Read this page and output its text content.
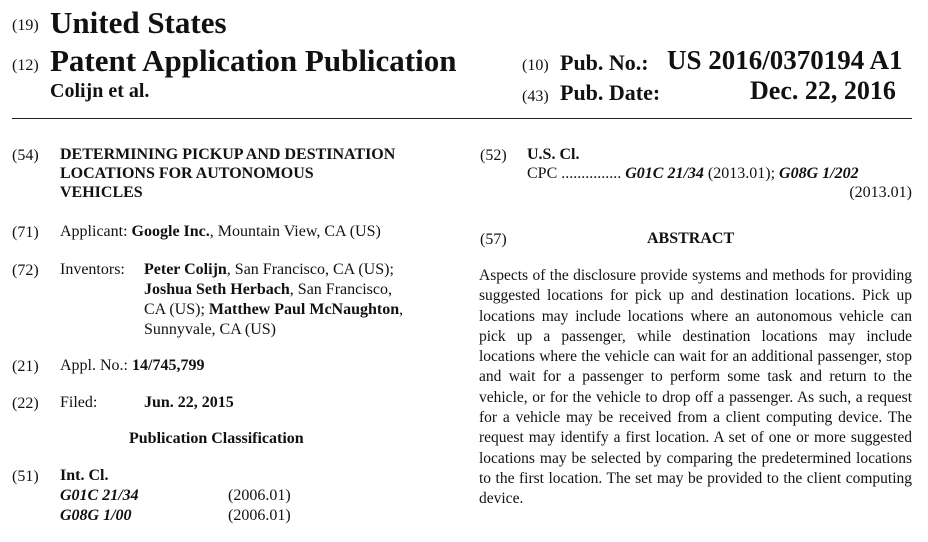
(19) United States
(12) Patent Application Publication
Colijn et al.
(10) Pub. No.: US 2016/0370194 A1
(43) Pub. Date:	Dec. 22, 2016
(54) DETERMINING PICKUP AND DESTINATION
LOCATIONS FOR AUTONOMOUS
VEHICLES
(71) Applicant: Google Inc., Mountain View, CA (US)
(72) Inventors: Peter Colijn, San Francisco, CA (US);
Joshua Seth Herbach, San Francisco,
CA (US); Matthew Paul McNaughton,
Sunnyvale, CA (US)
(21) Appl. No.: 14/745,799
(22) Filed:	Jun. 22, 2015
Publication Classification
(51) Int. Cl.
G01C 21/34	(2006.01)
G08G 1/00	(2006.01)
(52) U.S. Cl.
CPC ............... G01C 21/34 (2013.01); G08G 1/202
(2013.01)
(57)	ABSTRACT
Aspects of the disclosure provide systems and methods for providing suggested locations for pick up and destination locations. Pick up locations may include locations where an autonomous vehicle can pick up a passenger, while destination locations may include locations where the vehicle can wait for an additional passenger, stop and wait for a passenger to perform some task and return to the vehicle, or for the vehicle to drop off a passenger. As such, a request for a vehicle may be received from a client computing device. The request may identify a first location. A set of one or more suggested locations may be selected by comparing the predetermined locations to the first location. The set may be provided to the client computing device.
